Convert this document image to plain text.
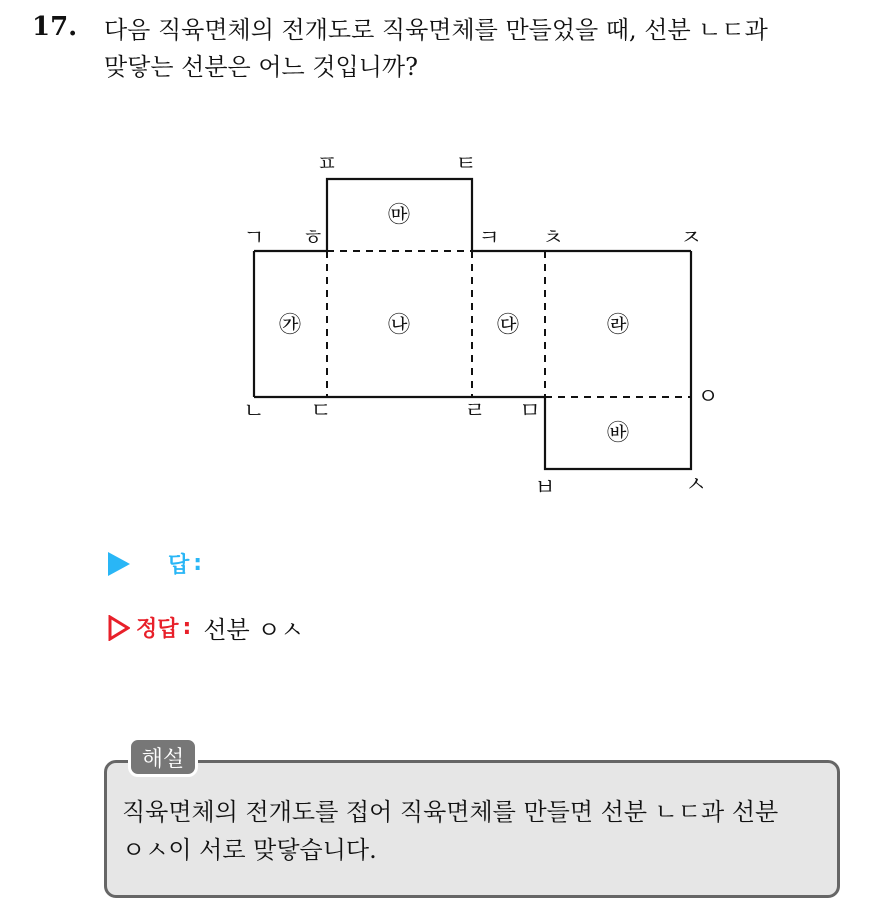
17. 다음 직육면체의 전개도로 직육면체를 만들었을 때, 선분 ㄴㄷ과
맞닿는 선분은 어느 것입니까?
ㅍ	ㅌ
ㄱ ㅎ	ㅋ ㅊ	ㅈ
ㄴ ㄷ	ㄹ ㅁ
ㅇ
ㅂ	ㅅ
㉲
㉮	㉯	㉰	㉱
㉳
답 :
정답 : 선분 ㅇㅅ
해설
직육면체의 전개도를 접어 직육면체를 만들면 선분 ㄴㄷ과 선분
ㅇㅅ이 서로 맞닿습니다.
